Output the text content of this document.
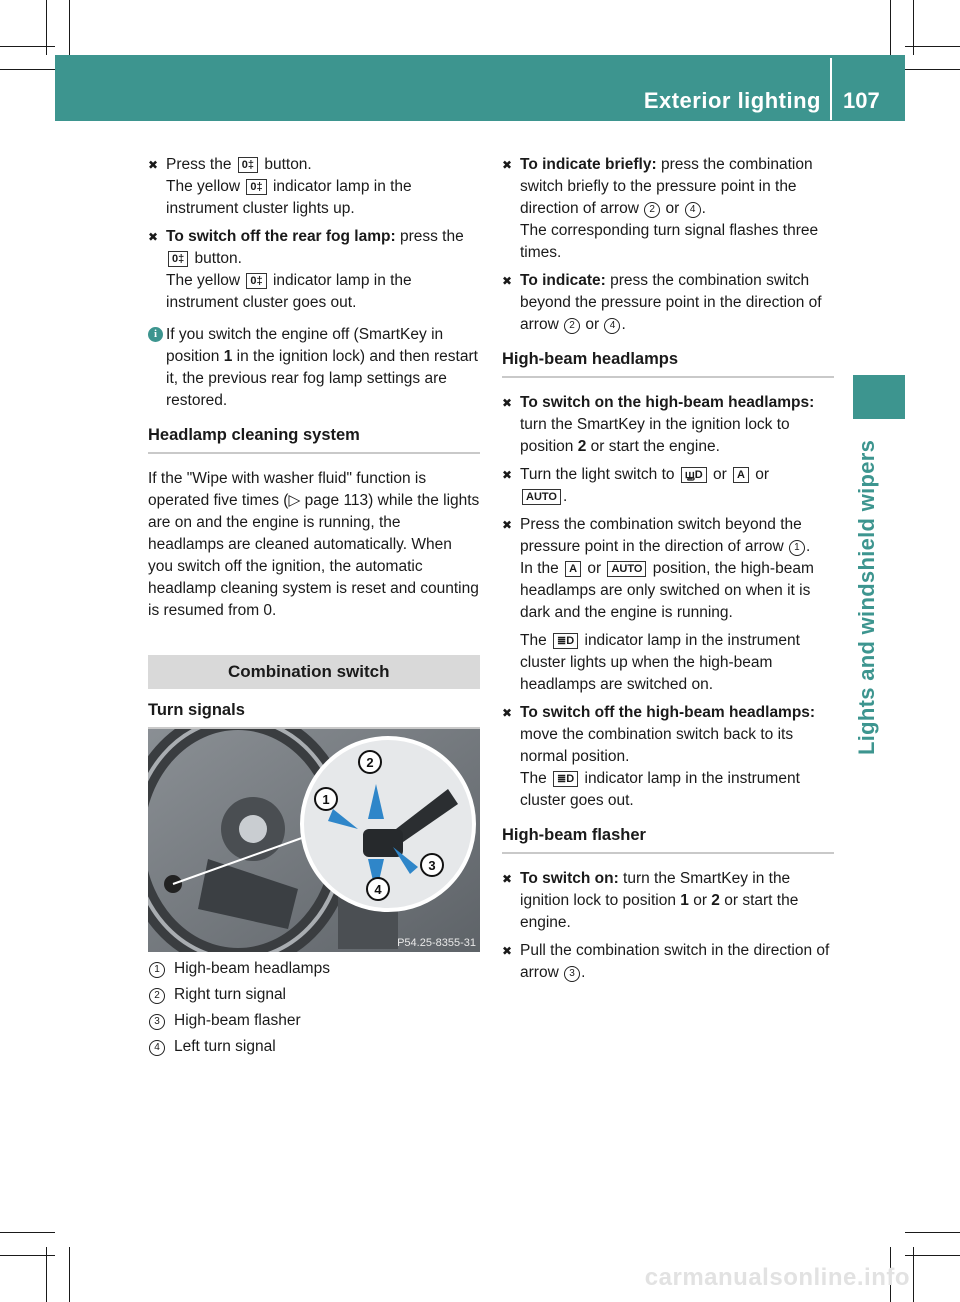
Exterior lighting 107
Lights and windshield wipers
✖ Press the 0‡ button.
The yellow 0‡ indicator lamp in the instrument cluster lights up.
✖ To switch off the rear fog lamp: press the 0‡ button.
The yellow 0‡ indicator lamp in the instrument cluster goes out.
i If you switch the engine off (SmartKey in position 1 in the ignition lock) and then restart it, the previous rear fog lamp settings are restored.
Headlamp cleaning system

If the "Wipe with washer fluid" function is operated five times (▷ page 113) while the lights are on and the engine is running, the headlamps are cleaned automatically. When you switch off the ignition, the automatic headlamp cleaning system is reset and counting is resumed from 0.

Combination switch
Turn signals
2
1
3
4
P54.25-8355-31
1 High-beam headlamps
2 Right turn signal
3 High-beam flasher
4 Left turn signal
✖ To indicate briefly: press the combination switch briefly to the pressure point in the direction of arrow 2 or 4 .
The corresponding turn signal flashes three times.
✖ To indicate: press the combination switch beyond the pressure point in the direction of arrow 2 or 4 .
High-beam headlamps
✖ To switch on the high-beam headlamps: turn the SmartKey in the ignition lock to position 2 or start the engine.
✖ Turn the light switch to ꚗD or A or
AUTO .
✖ Press the combination switch beyond the pressure point in the direction of arrow 1 .
In the A or AUTO position, the high-beam headlamps are only switched on when it is dark and the engine is running.

The ≣D indicator lamp in the instrument cluster lights up when the high-beam headlamps are switched on.

✖ To switch off the high-beam headlamps: move the combination switch back to its normal position.
The ≣D indicator lamp in the instrument cluster goes out.
High-beam flasher
✖ To switch on: turn the SmartKey in the ignition lock to position 1 or 2 or start the engine.
✖ Pull the combination switch in the direction of arrow 3 .
carmanualsonline.info
